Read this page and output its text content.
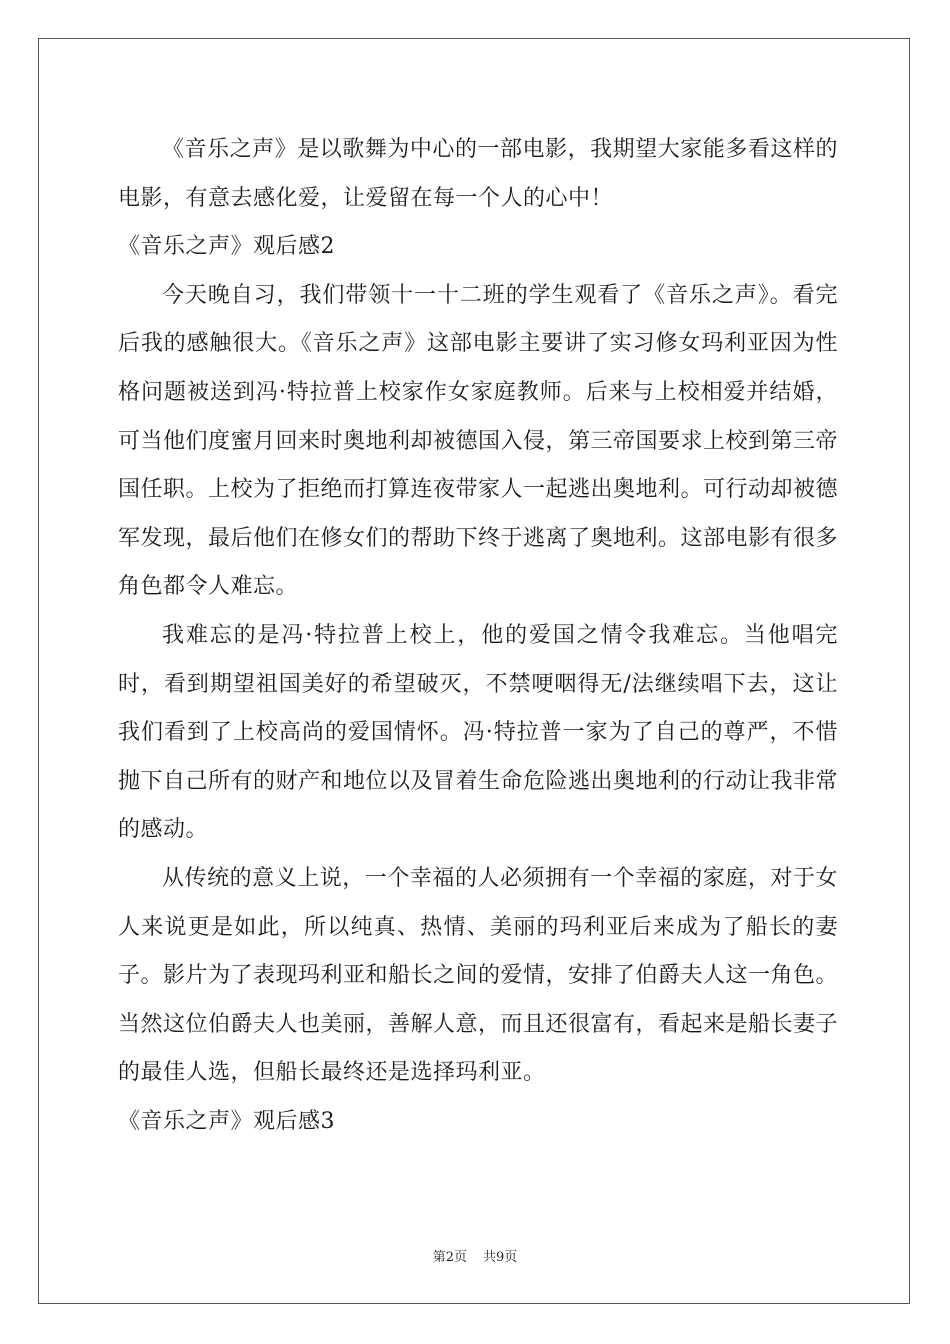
《音乐之声》是以歌舞为中心的一部电影，我期望大家能多看这样的电影，有意去感化爱，让爱留在每一个人的心中！

《音乐之声》观后感2

今天晚自习，我们带领十一十二班的学生观看了《音乐之声》。看完后我的感触很大。《音乐之声》这部电影主要讲了实习修女玛利亚因为性格问题被送到冯·特拉普上校家作女家庭教师。后来与上校相爱并结婚，可当他们度蜜月回来时奥地利却被德国入侵，第三帝国要求上校到第三帝国任职。上校为了拒绝而打算连夜带家人一起逃出奥地利。可行动却被德军发现，最后他们在修女们的帮助下终于逃离了奥地利。这部电影有很多角色都令人难忘。

我难忘的是冯·特拉普上校上，他的爱国之情令我难忘。当他唱完时，看到期望祖国美好的希望破灭，不禁哽咽得无/法继续唱下去，这让我们看到了上校高尚的爱国情怀。冯·特拉普一家为了自己的尊严，不惜抛下自己所有的财产和地位以及冒着生命危险逃出奥地利的行动让我非常的感动。

从传统的意义上说，一个幸福的人必须拥有一个幸福的家庭，对于女人来说更是如此，所以纯真、热情、美丽的玛利亚后来成为了船长的妻子。影片为了表现玛利亚和船长之间的爱情，安排了伯爵夫人这一角色。当然这位伯爵夫人也美丽，善解人意，而且还很富有，看起来是船长妻子的最佳人选，但船长最终还是选择玛利亚。

《音乐之声》观后感3

第2页 共9页
